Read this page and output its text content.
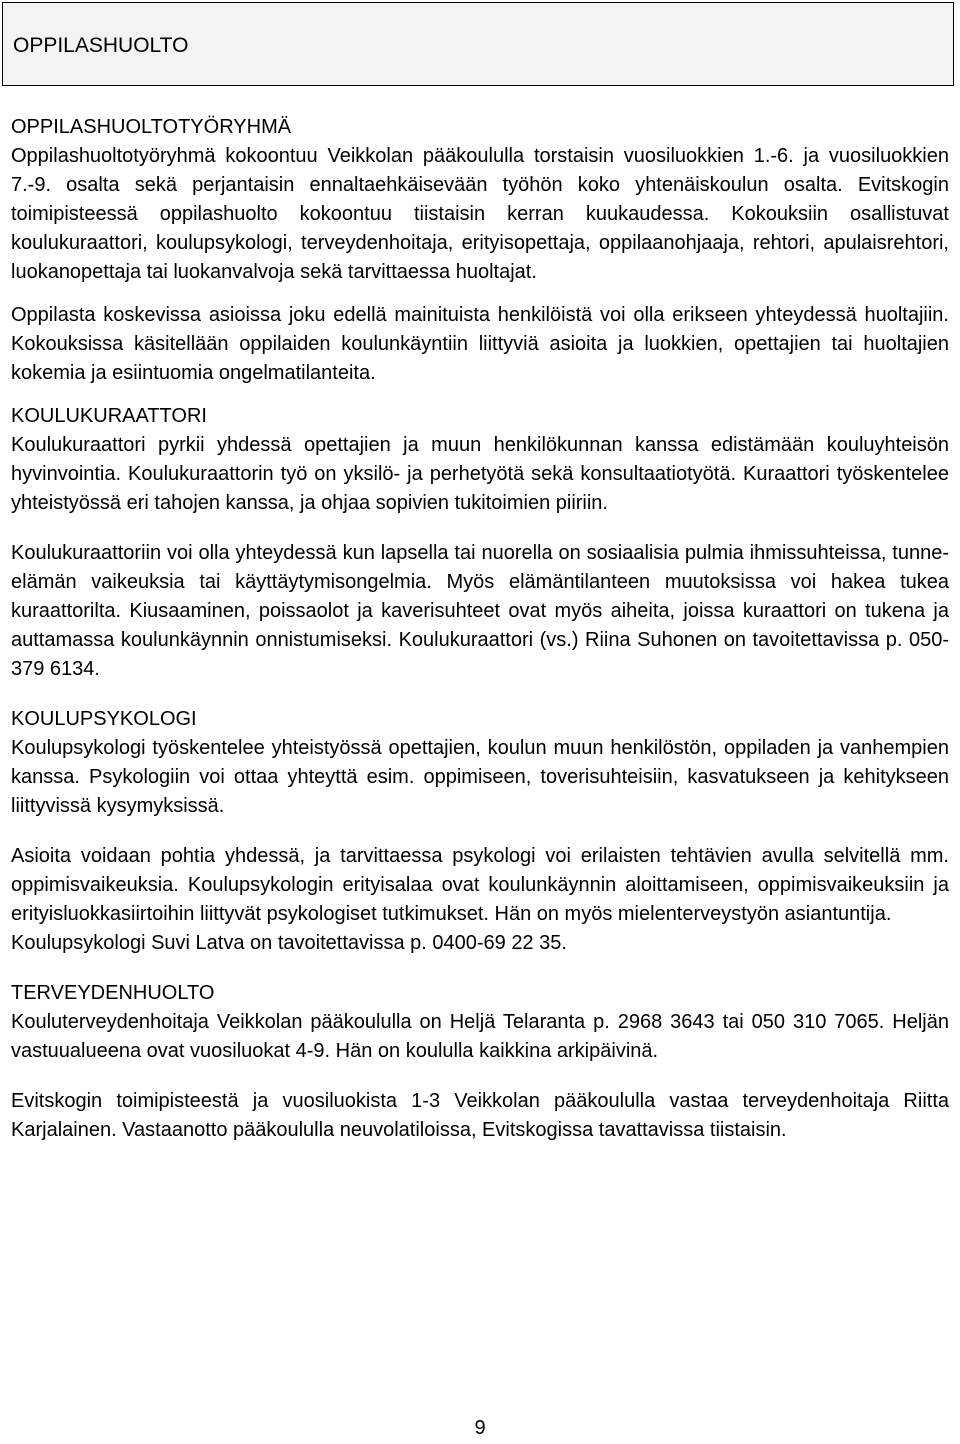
OPPILASHUOLTO
OPPILASHUOLTOTYÖRYHMÄ

Oppilashuoltotyöryhmä kokoontuu Veikkolan pääkoululla torstaisin vuosiluokkien 1.-6. ja vuosiluokkien 7.-9. osalta sekä perjantaisin ennaltaehkäisevään työhön koko yhtenäiskoulun osalta. Evitskogin toimipisteessä oppilashuolto kokoontuu tiistaisin kerran kuukaudessa. Kokouksiin osallistuvat koulukuraattori, koulupsykologi, terveydenhoitaja, erityisopettaja, oppilaanohjaaja, rehtori, apulaisrehtori, luokanopettaja tai luokanvalvoja sekä tarvittaessa huoltajat.

Oppilasta koskevissa asioissa joku edellä mainituista henkilöistä voi olla erikseen yhteydessä huoltajiin. Kokouksissa käsitellään oppilaiden koulunkäyntiin liittyviä asioita ja luokkien, opettajien tai huoltajien kokemia ja esiintuomia ongelmatilanteita.

KOULUKURAATTORI

Koulukuraattori pyrkii yhdessä opettajien ja muun henkilökunnan kanssa edistämään kouluyhteisön hyvinvointia. Koulukuraattorin työ on yksilö- ja perhetyötä sekä konsultaatiotyötä. Kuraattori työskentelee yhteistyössä eri tahojen kanssa, ja ohjaa sopivien tukitoimien piiriin.

Koulukuraattoriin voi olla yhteydessä kun lapsella tai nuorella on sosiaalisia pulmia ihmissuhteissa, tunne-elämän vaikeuksia tai käyttäytymisongelmia. Myös elämäntilanteen muutoksissa voi hakea tukea kuraattorilta. Kiusaaminen, poissaolot ja kaverisuhteet ovat myös aiheita, joissa kuraattori on tukena ja auttamassa koulunkäynnin onnistumiseksi. Koulukuraattori (vs.) Riina Suhonen on tavoitettavissa p. 050-379 6134.

KOULUPSYKOLOGI

Koulupsykologi työskentelee yhteistyössä opettajien, koulun muun henkilöstön, oppiladen ja vanhempien kanssa. Psykologiin voi ottaa yhteyttä esim. oppimiseen, toverisuhteisiin, kasvatukseen ja kehitykseen liittyvissä kysymyksissä.

Asioita voidaan pohtia yhdessä, ja tarvittaessa psykologi voi erilaisten tehtävien avulla selvitellä mm. oppimisvaikeuksia. Koulupsykologin erityisalaa ovat koulunkäynnin aloittamiseen, oppimisvaikeuksiin ja erityisluokkasiirtoihin liittyvät psykologiset tutkimukset. Hän on myös mielenterveystyön asiantuntija.

Koulupsykologi Suvi Latva on tavoitettavissa p. 0400-69 22 35.

TERVEYDENHUOLTO

Kouluterveydenhoitaja Veikkolan pääkoululla on Heljä Telaranta p. 2968 3643 tai 050 310 7065. Heljän vastuualueena ovat vuosiluokat 4-9. Hän on koululla kaikkina arkipäivinä.

Evitskogin toimipisteestä ja vuosiluokista 1-3 Veikkolan pääkoululla vastaa terveydenhoitaja Riitta Karjalainen. Vastaanotto pääkoululla neuvolatiloissa, Evitskogissa tavattavissa tiistaisin.

9
